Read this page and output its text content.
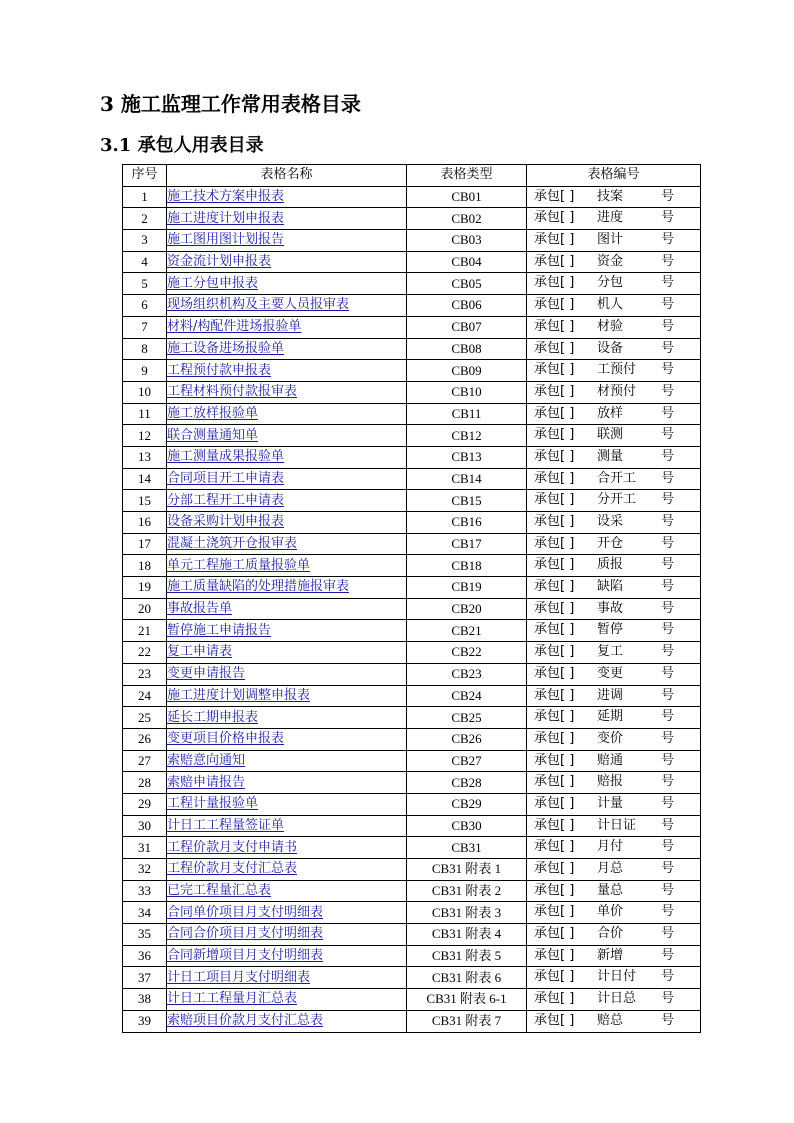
3 施工监理工作常用表格目录
3.1 承包人用表目录
序号	表格名称	表格类型	表格编号
1	施工技术方案申报表	CB01	承包[ ] 技案 号

2	施工进度计划申报表	CB02	承包[ ] 进度 号

3	施工图用图计划报告	CB03	承包[ ] 图计 号

4	资金流计划申报表	CB04	承包[ ] 资金 号

5	施工分包申报表	CB05	承包[ ] 分包 号

6	现场组织机构及主要人员报审表	CB06	承包[ ] 机人 号

7	材料/构配件进场报验单	CB07	承包[ ] 材验 号

8	施工设备进场报验单	CB08	承包[ ] 设备 号

9	工程预付款申报表	CB09	承包[ ] 工预付 号

10	工程材料预付款报审表	CB10	承包[ ] 材预付 号

11	施工放样报验单	CB11	承包[ ] 放样 号

12	联合测量通知单	CB12	承包[ ] 联测 号

13	施工测量成果报验单	CB13	承包[ ] 测量 号

14	合同项目开工申请表	CB14	承包[ ] 合开工 号

15	分部工程开工申请表	CB15	承包[ ] 分开工 号

16	设备采购计划申报表	CB16	承包[ ] 设采 号

17	混凝土浇筑开仓报审表	CB17	承包[ ] 开仓 号

18	单元工程施工质量报验单	CB18	承包[ ] 质报 号

19	施工质量缺陷的处理措施报审表	CB19	承包[ ] 缺陷 号

20	事故报告单	CB20	承包[ ] 事故 号

21	暂停施工申请报告	CB21	承包[ ] 暂停 号

22	复工申请表	CB22	承包[ ] 复工 号

23	变更申请报告	CB23	承包[ ] 变更 号

24	施工进度计划调整申报表	CB24	承包[ ] 进调 号

25	延长工期申报表	CB25	承包[ ] 延期 号

26	变更项目价格申报表	CB26	承包[ ] 变价 号

27	索赔意向通知	CB27	承包[ ] 赔通 号

28	索赔申请报告	CB28	承包[ ] 赔报 号

29	工程计量报验单	CB29	承包[ ] 计量 号

30	计日工工程量签证单	CB30	承包[ ] 计日证 号

31	工程价款月支付申请书	CB31	承包[ ] 月付 号

32	工程价款月支付汇总表	CB31 附表 1	承包[ ] 月总 号

33	已完工程量汇总表	CB31 附表 2	承包[ ] 量总 号

34	合同单价项目月支付明细表	CB31 附表 3	承包[ ] 单价 号

35	合同合价项目月支付明细表	CB31 附表 4	承包[ ] 合价 号

36	合同新增项目月支付明细表	CB31 附表 5	承包[ ] 新增 号

37	计日工项目月支付明细表	CB31 附表 6	承包[ ] 计日付 号

38	计日工工程量月汇总表	CB31 附表 6-1	承包[ ] 计日总 号

39	索赔项目价款月支付汇总表	CB31 附表 7	承包[ ] 赔总 号
